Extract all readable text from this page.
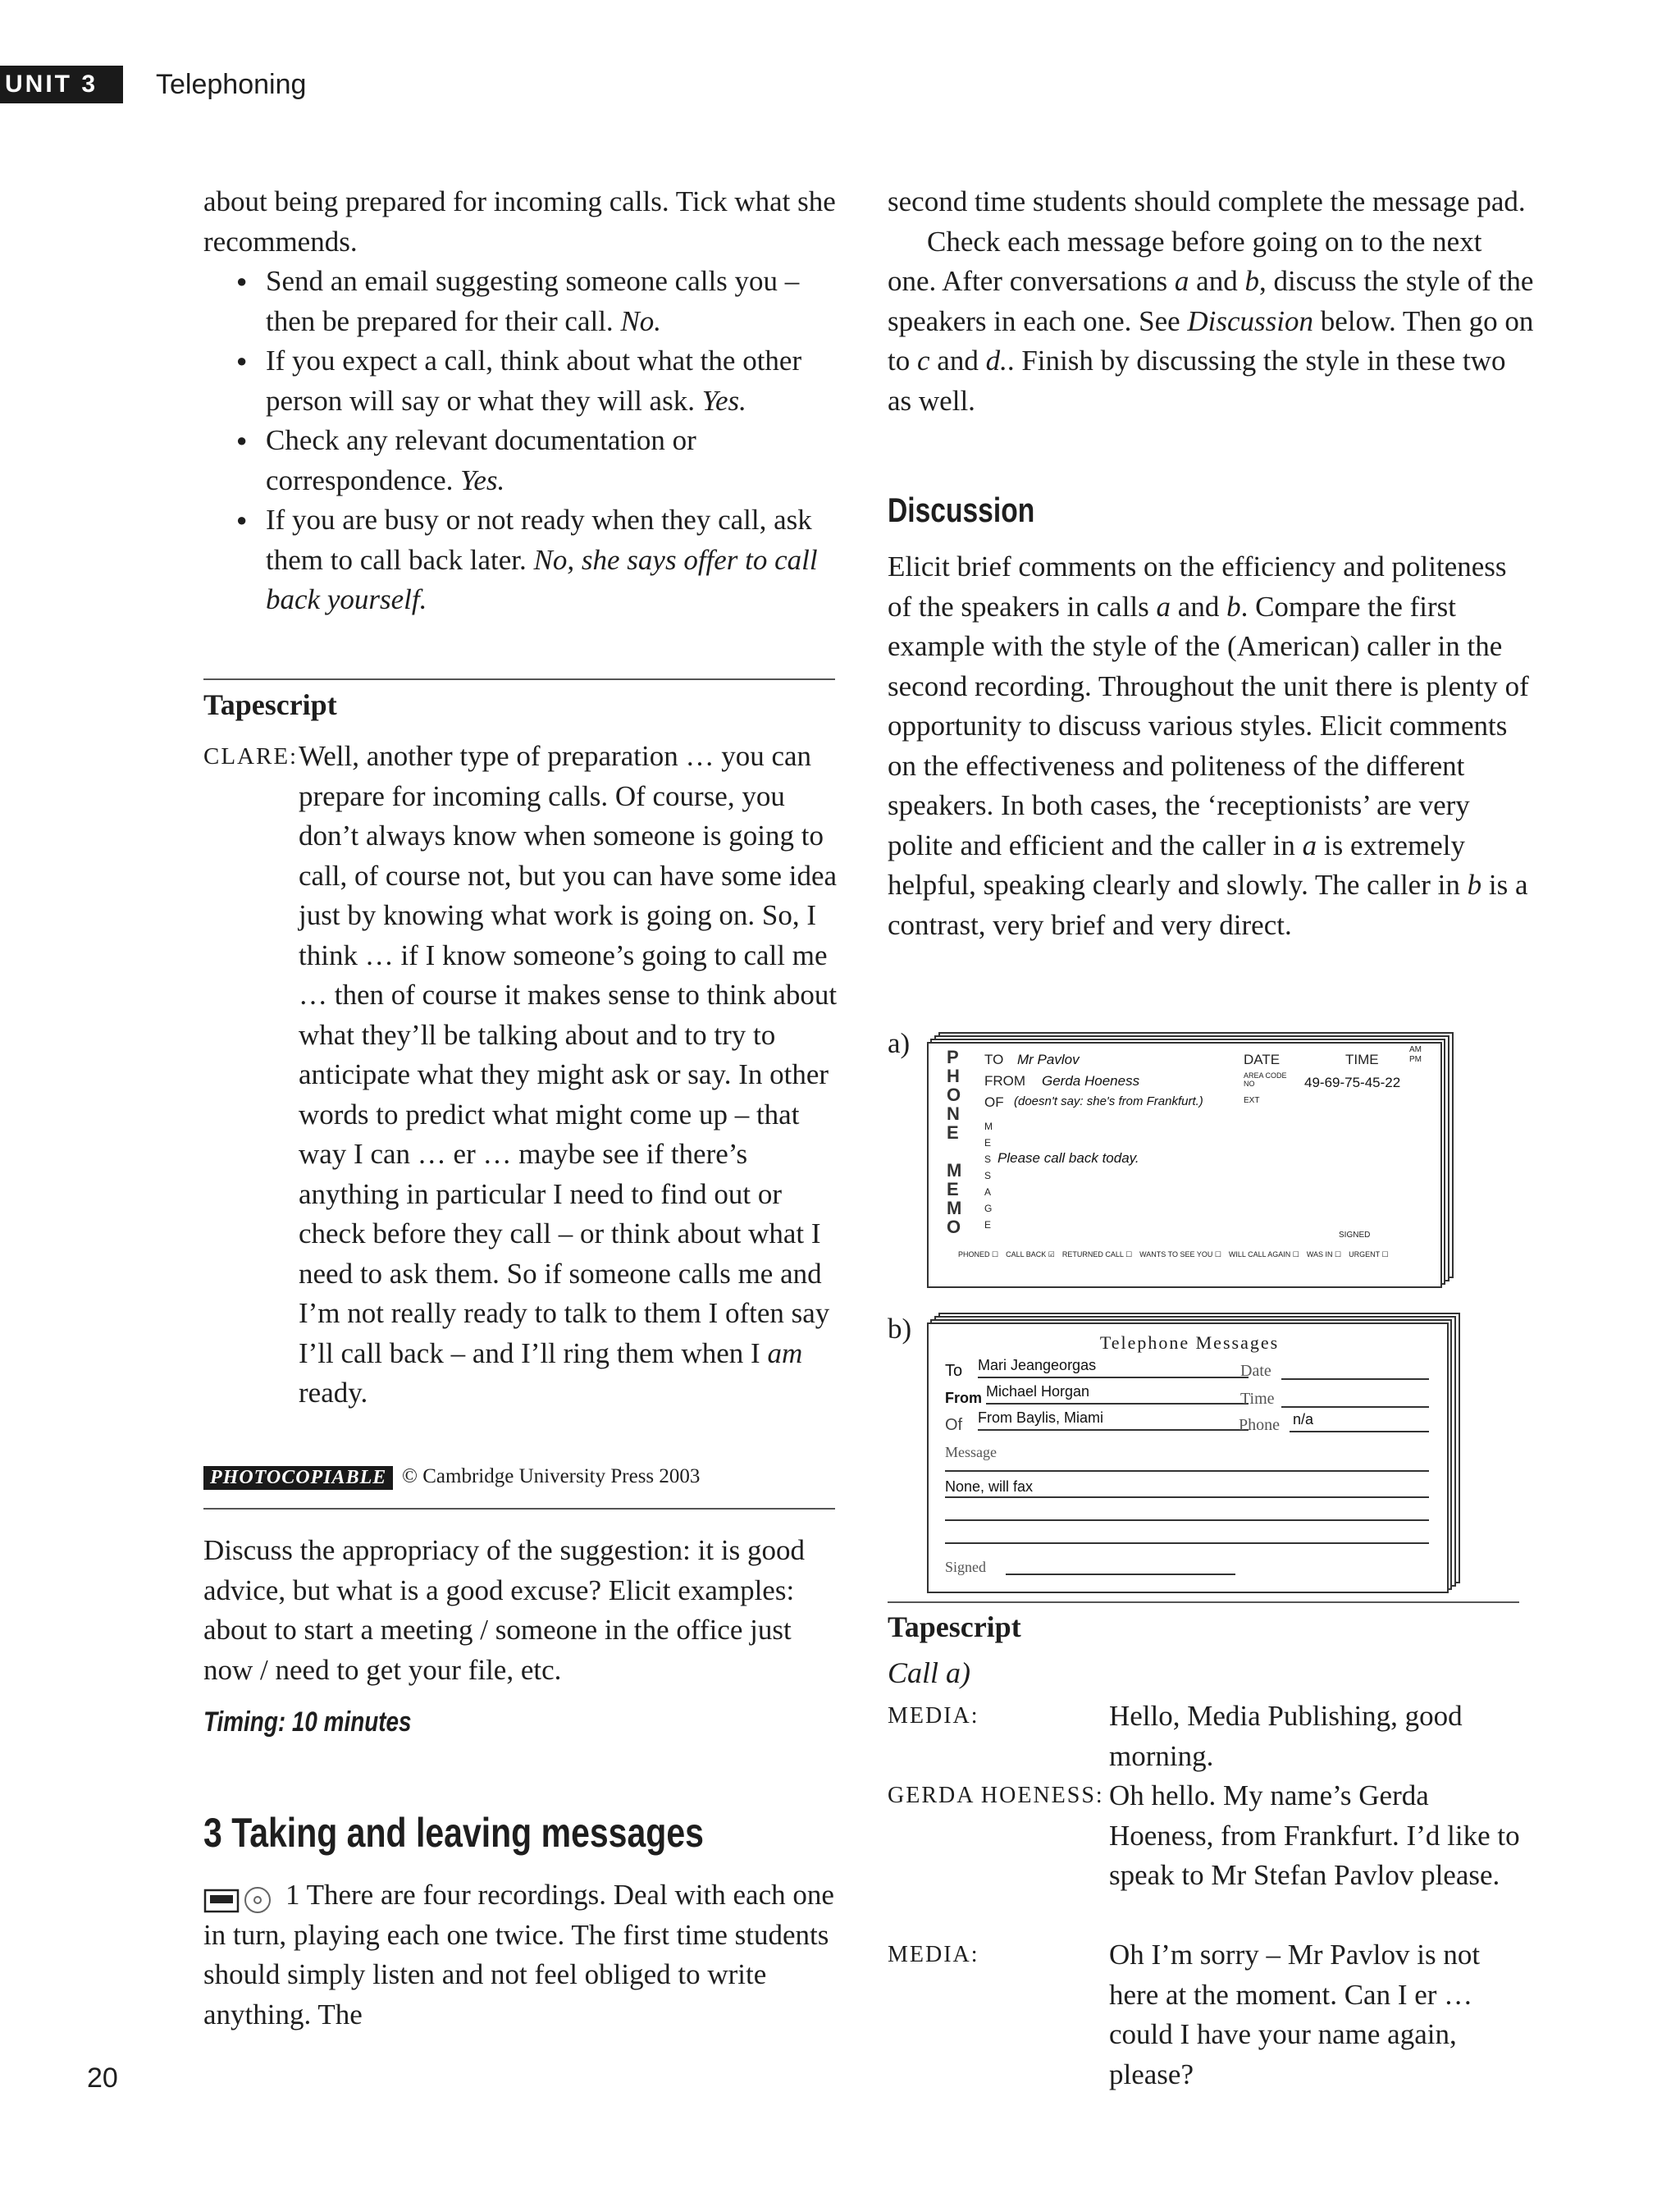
UNIT 3	Telephoning

about being prepared for incoming calls. Tick what she recommends.

● Send an email suggesting someone calls you – then be prepared for their call. No.
● If you expect a call, think about what the other person will say or what they will ask. Yes.
● Check any relevant documentation or correspondence. Yes.
● If you are busy or not ready when they call, ask them to call back later. No, she says offer to call back yourself.
Tapescript
CLARE: Well, another type of preparation … you can prepare for incoming calls. Of course, you don’t always know when someone is going to call, of course not, but you can have some idea just by knowing what work is going on. So, I think … if I know someone’s going to call me … then of course it makes sense to think about what they’ll be talking about and to try to anticipate what they might ask or say. In other words to predict what might come up – that way I can … er … maybe see if there’s anything in particular I need to find out or check before they call – or think about what I need to ask them. So if someone calls me and I’m not really ready to talk to them I often say I’ll call back – and I’ll ring them when I am ready.
PHOTOCOPIABLE © Cambridge University Press 2003
Discuss the appropriacy of the suggestion: it is good advice, but what is a good excuse? Elicit examples: about to start a meeting / someone in the office just now / need to get your file, etc.
Timing: 10 minutes
3 Taking and leaving messages
1 There are four recordings. Deal with each one in turn, playing each one twice. The first time students should simply listen and not feel obliged to write anything. The
20

second time students should complete the message pad.

Check each message before going on to the next one. After conversations a and b, discuss the style of the speakers in each one. See Discussion below. Then go on to c and d.. Finish by discussing the style in these two as well.

Discussion
Elicit brief comments on the efficiency and politeness of the speakers in calls a and b. Compare the first example with the style of the (American) caller in the second recording. Throughout the unit there is plenty of opportunity to discuss various styles. Elicit comments on the effectiveness and politeness of the different speakers. In both cases, the ‘receptionists’ are very polite and efficient and the caller in a is extremely helpful, speaking clearly and slowly. The caller in b is a contrast, very brief and very direct.
a)
b)
P
H
O
N
E
M
E
M
O
TO Mr Pavlov
FROM Gerda Hoeness
OF (doesn't say: she's from Frankfurt.)
DATE	TIME
AM
PM
AREA CODE
NO	49-69-75-45-22
EXT
M
E
S
S
A
G
E
Please call back today.
SIGNED
PHONED ☐ CALL BACK ☑ RETURNED CALL ☐ WANTS TO SEE YOU ☐ WILL CALL AGAIN ☐ WAS IN ☐ URGENT ☐
Telephone Messages
To Mari Jeangeorgas
From Michael Horgan
Of From Baylis, Miami
Date
Time
Phone n/a
Message
None, will fax
Signed
Tapescript
Call a)
MEDIA:	Hello, Media Publishing, good morning.
GERDA HOENESS: Oh hello. My name’s Gerda Hoeness, from Frankfurt. I’d like to speak to Mr Stefan Pavlov please.
MEDIA:	Oh I’m sorry – Mr Pavlov is not here at the moment. Can I er … could I have your name again, please?
